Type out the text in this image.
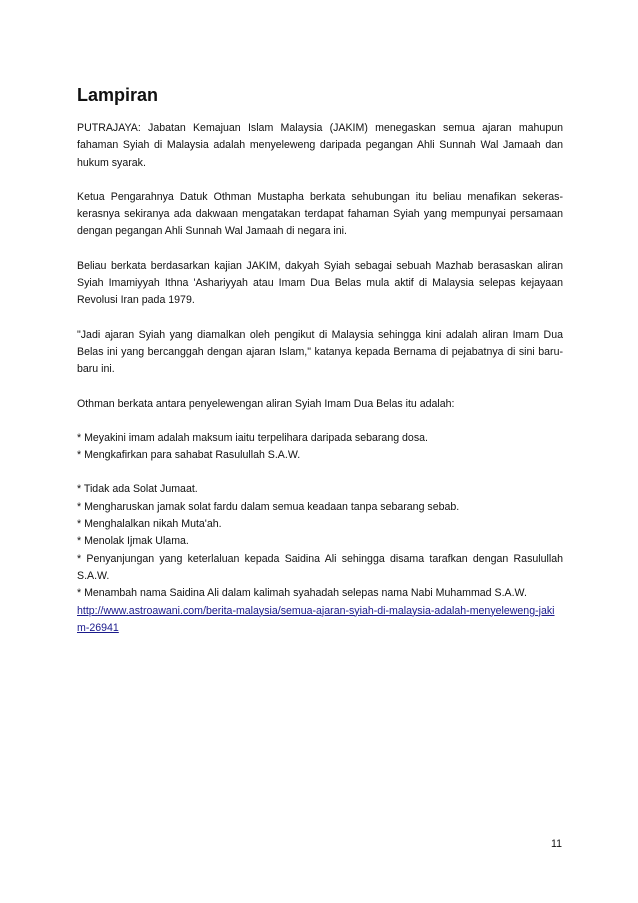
Lampiran

PUTRAJAYA: Jabatan Kemajuan Islam Malaysia (JAKIM) menegaskan semua ajaran mahupun fahaman Syiah di Malaysia adalah menyeleweng daripada pegangan Ahli Sunnah Wal Jamaah dan hukum syarak.

Ketua Pengarahnya Datuk Othman Mustapha berkata sehubungan itu beliau menafikan sekeras-kerasnya sekiranya ada dakwaan mengatakan terdapat fahaman Syiah yang mempunyai persamaan dengan pegangan Ahli Sunnah Wal Jamaah di negara ini.

Beliau berkata berdasarkan kajian JAKIM, dakyah Syiah sebagai sebuah Mazhab berasaskan aliran Syiah Imamiyyah Ithna 'Ashariyyah atau Imam Dua Belas mula aktif di Malaysia selepas kejayaan Revolusi Iran pada 1979.

"Jadi ajaran Syiah yang diamalkan oleh pengikut di Malaysia sehingga kini adalah aliran Imam Dua Belas ini yang bercanggah dengan ajaran Islam," katanya kepada Bernama di pejabatnya di sini baru-baru ini.

Othman berkata antara penyelewengan aliran Syiah Imam Dua Belas itu adalah:

* Meyakini imam adalah maksum iaitu terpelihara daripada sebarang dosa.
* Mengkafirkan para sahabat Rasulullah S.A.W.
* Tidak ada Solat Jumaat.
* Mengharuskan jamak solat fardu dalam semua keadaan tanpa sebarang sebab.
* Menghalalkan nikah Muta'ah.
* Menolak Ijmak Ulama.
* Penyanjungan yang keterlaluan kepada Saidina Ali sehingga disama tarafkan dengan Rasulullah S.A.W.
* Menambah nama Saidina Ali dalam kalimah syahadah selepas nama Nabi Muhammad S.A.W.
http://www.astroawani.com/berita-malaysia/semua-ajaran-syiah-di-malaysia-adalah-menyeleweng-jakim-26941
11
